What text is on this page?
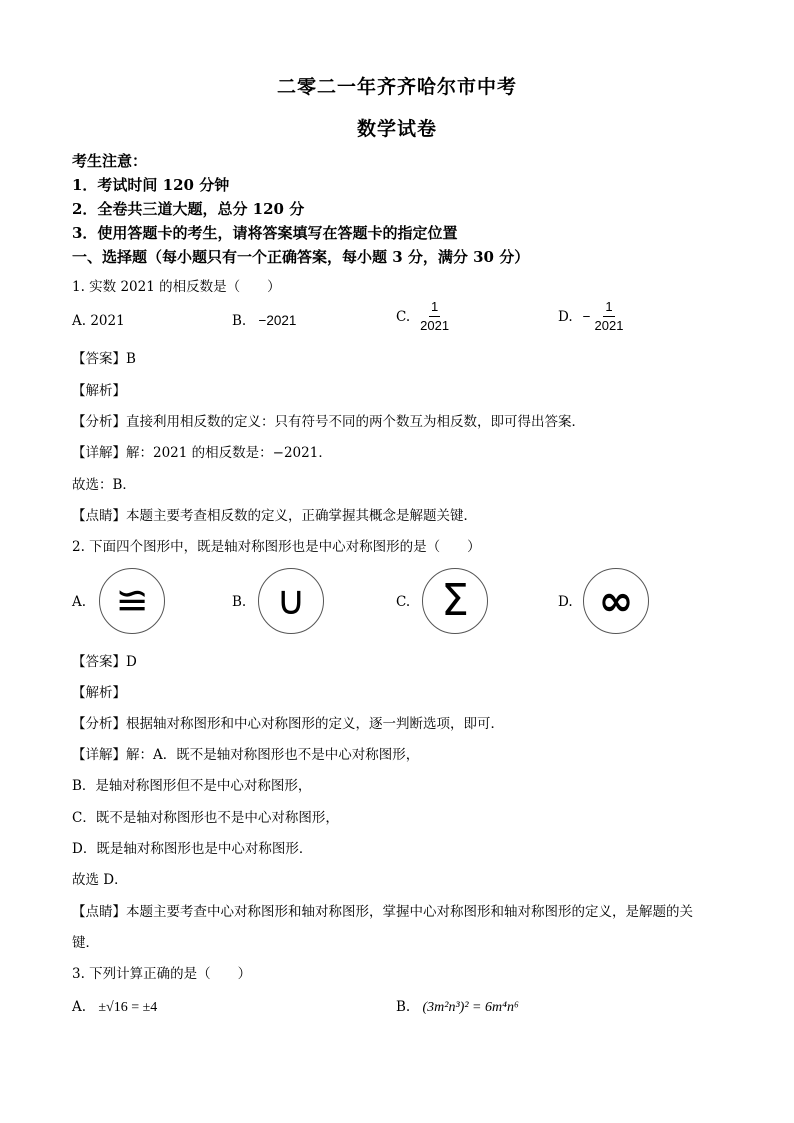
二零二一年齐齐哈尔市中考
数学试卷
考生注意：
1．考试时间 120 分钟
2．全卷共三道大题，总分 120 分
3．使用答题卡的考生，请将答案填写在答题卡的指定位置
一、选择题（每小题只有一个正确答案，每小题 3 分，满分 30 分）
1. 实数 2021 的相反数是（　　）
A. 2021	B. −2021	C. $\frac{1}{2021}$	D. − $\frac{1}{2021}$
【答案】B
【解析】
【分析】直接利用相反数的定义：只有符号不同的两个数互为相反数，即可得出答案．
【详解】解：2021 的相反数是：−2021．
故选：B．
【点睛】本题主要考查相反数的定义，正确掌握其概念是解题关键．
2. 下面四个图形中，既是轴对称图形也是中心对称图形的是（　　）
A. ≌	B. ∪	C. Σ	D. ∞
【答案】D
【解析】
【分析】根据轴对称图形和中心对称图形的定义，逐一判断选项，即可．
【详解】解：A．既不是轴对称图形也不是中心对称图形，
B．是轴对称图形但不是中心对称图形，
C．既不是轴对称图形也不是中心对称图形，
D．既是轴对称图形也是中心对称图形．
故选 D．
【点睛】本题主要考查中心对称图形和轴对称图形，掌握中心对称图形和轴对称图形的定义，是解题的关
键．
3. 下列计算正确的是（　　）
A. ±√16 = ±4	B. (3m²n³)² = 6m⁴n⁶
